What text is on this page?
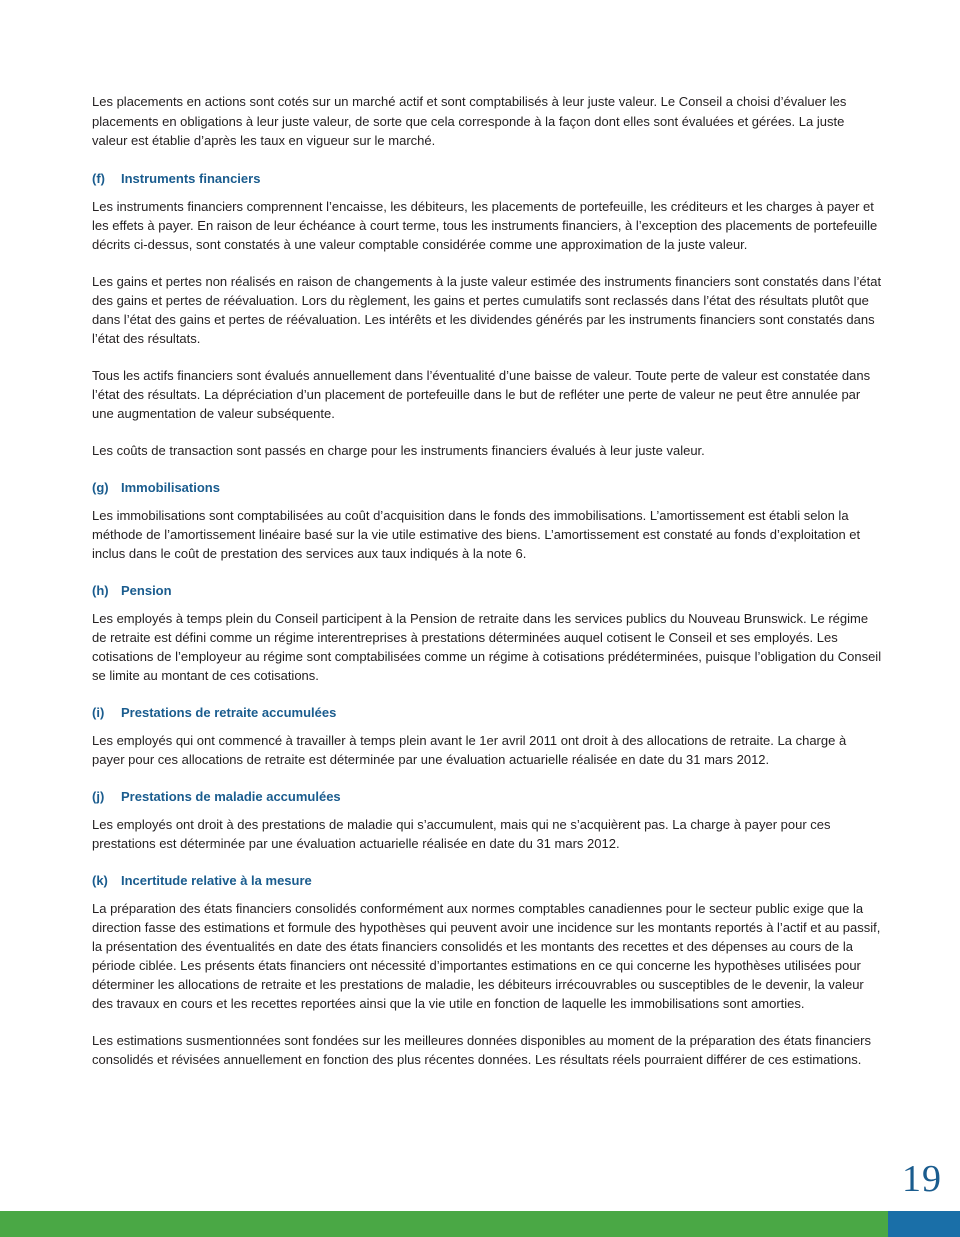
Les placements en actions sont cotés sur un marché actif et sont comptabilisés à leur juste valeur. Le Conseil a choisi d’évaluer les placements en obligations à leur juste valeur, de sorte que cela corresponde à la façon dont elles sont évaluées et gérées. La juste valeur est établie d’après les taux en vigueur sur le marché.

(f)	Instruments financiers

Les instruments financiers comprennent l’encaisse, les débiteurs, les placements de portefeuille, les créditeurs et les charges à payer et les effets à payer. En raison de leur échéance à court terme, tous les instruments financiers, à l’exception des placements de portefeuille décrits ci-dessus, sont constatés à une valeur comptable considérée comme une approximation de la juste valeur.

Les gains et pertes non réalisés en raison de changements à la juste valeur estimée des instruments financiers sont constatés dans l’état des gains et pertes de réévaluation. Lors du règlement, les gains et pertes cumulatifs sont reclassés dans l’état des résultats plutôt que dans l’état des gains et pertes de réévaluation. Les intérêts et les dividendes générés par les instruments financiers sont constatés dans l’état des résultats.

Tous les actifs financiers sont évalués annuellement dans l’éventualité d’une baisse de valeur. Toute perte de valeur est constatée dans l’état des résultats. La dépréciation d’un placement de portefeuille dans le but de refléter une perte de valeur ne peut être annulée par une augmentation de valeur subséquente.

Les coûts de transaction sont passés en charge pour les instruments financiers évalués à leur juste valeur.

(g) Immobilisations

Les immobilisations sont comptabilisées au coût d’acquisition dans le fonds des immobilisations. L’amortissement est établi selon la méthode de l’amortissement linéaire basé sur la vie utile estimative des biens. L’amortissement est constaté au fonds d’exploitation et inclus dans le coût de prestation des services aux taux indiqués à la note 6.

(h) Pension

Les employés à temps plein du Conseil participent à la Pension de retraite dans les services publics du Nouveau Brunswick. Le régime de retraite est défini comme un régime interentreprises à prestations déterminées auquel cotisent le Conseil et ses employés. Les cotisations de l’employeur au régime sont comptabilisées comme un régime à cotisations prédéterminées, puisque l’obligation du Conseil se limite au montant de ces cotisations.

(i)	Prestations de retraite accumulées

Les employés qui ont commencé à travailler à temps plein avant le 1er avril 2011 ont droit à des allocations de retraite. La charge à payer pour ces allocations de retraite est déterminée par une évaluation actuarielle réalisée en date du 31 mars 2012.

(j)	Prestations de maladie accumulées

Les employés ont droit à des prestations de maladie qui s’accumulent, mais qui ne s’acquièrent pas. La charge à payer pour ces prestations est déterminée par une évaluation actuarielle réalisée en date du 31 mars 2012.

(k)	Incertitude relative à la mesure

La préparation des états financiers consolidés conformément aux normes comptables canadiennes pour le secteur public exige que la direction fasse des estimations et formule des hypothèses qui peuvent avoir une incidence sur les montants reportés à l’actif et au passif, la présentation des éventualités en date des états financiers consolidés et les montants des recettes et des dépenses au cours de la période ciblée. Les présents états financiers ont nécessité d’importantes estimations en ce qui concerne les hypothèses utilisées pour déterminer les allocations de retraite et les prestations de maladie, les débiteurs irrécouvrables ou susceptibles de le devenir, la valeur des travaux en cours et les recettes reportées ainsi que la vie utile en fonction de laquelle les immobilisations sont amorties.

Les estimations susmentionnées sont fondées sur les meilleures données disponibles au moment de la préparation des états financiers consolidés et révisées annuellement en fonction des plus récentes données. Les résultats réels pourraient différer de ces estimations.

19
